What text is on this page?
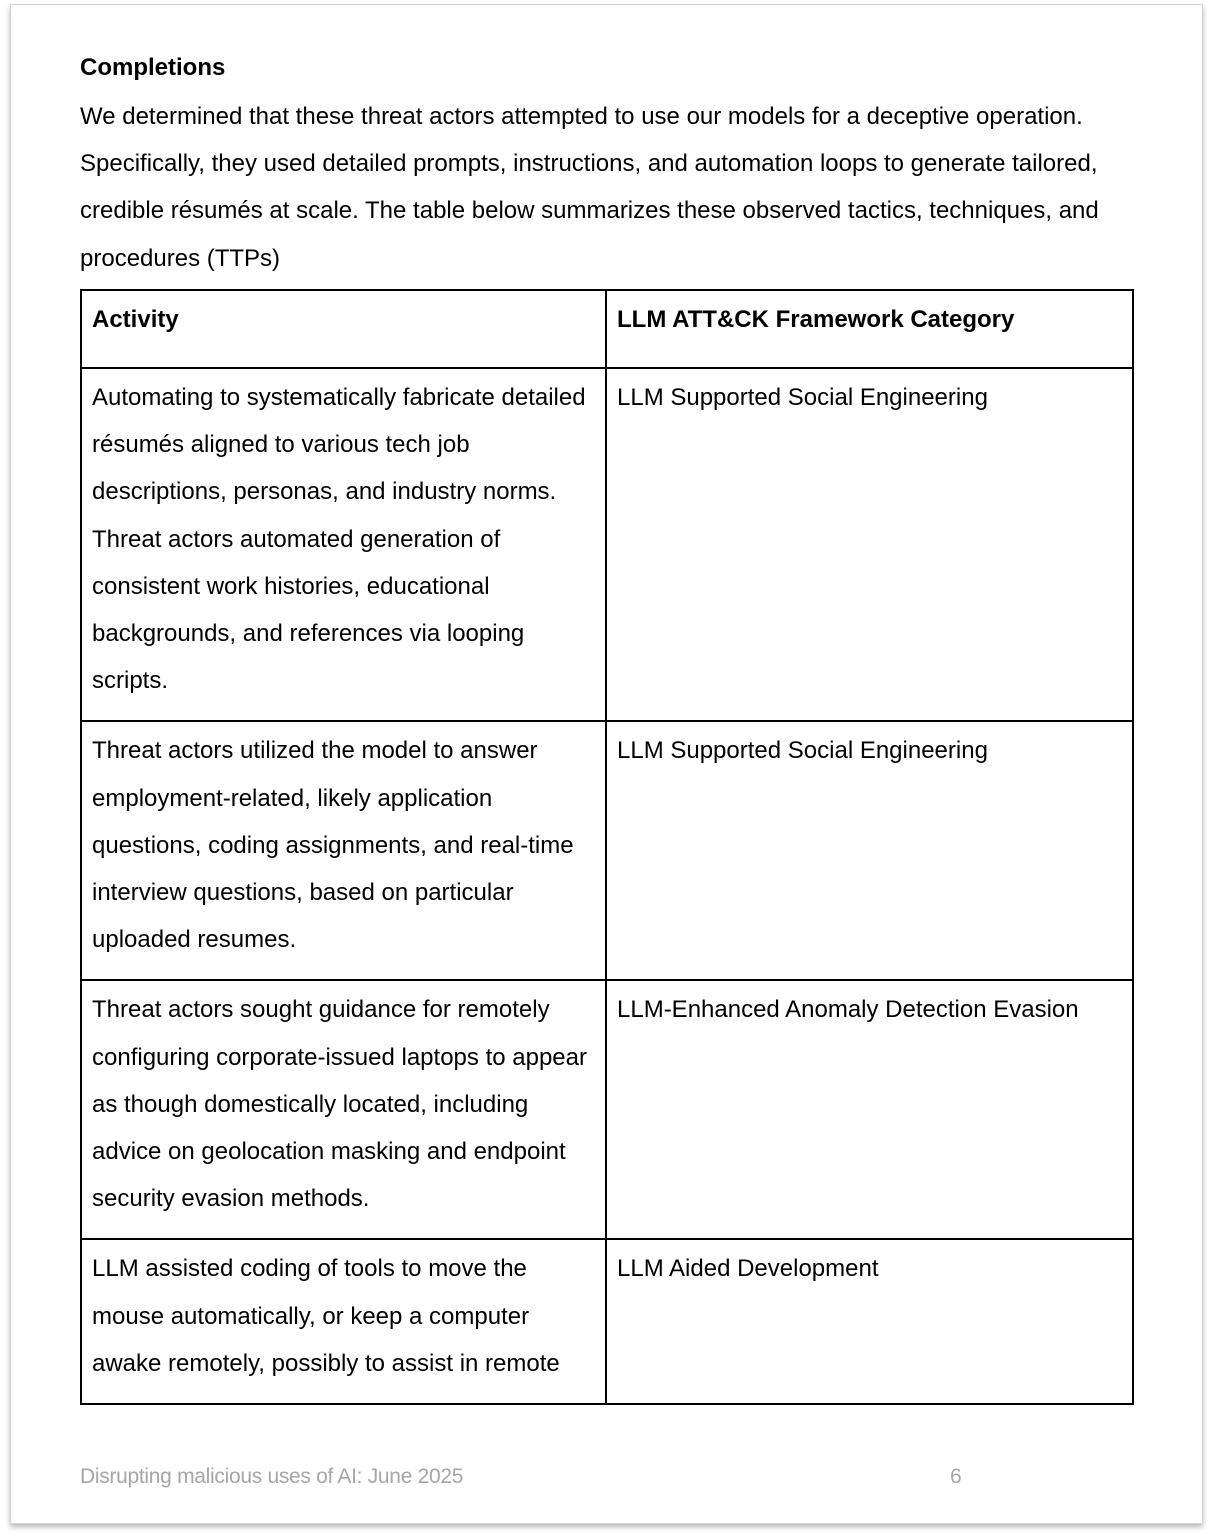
Completions

We determined that these threat actors attempted to use our models for a deceptive operation. Specifically, they used detailed prompts, instructions, and automation loops to generate tailored, credible résumés at scale. The table below summarizes these observed tactics, techniques, and procedures (TTPs)

Activity	LLM ATT&CK Framework Category
Automating to systematically fabricate detailed résumés aligned to various tech job descriptions, personas, and industry norms. Threat actors automated generation of consistent work histories, educational backgrounds, and references via looping scripts.	LLM Supported Social Engineering
Threat actors utilized the model to answer employment-related, likely application questions, coding assignments, and real-time interview questions, based on particular uploaded resumes.	LLM Supported Social Engineering
Threat actors sought guidance for remotely configuring corporate-issued laptops to appear as though domestically located, including advice on geolocation masking and endpoint security evasion methods.	LLM-Enhanced Anomaly Detection Evasion
LLM assisted coding of tools to move the mouse automatically, or keep a computer awake remotely, possibly to assist in remote	LLM Aided Development
Disrupting malicious uses of AI: June 2025	6
